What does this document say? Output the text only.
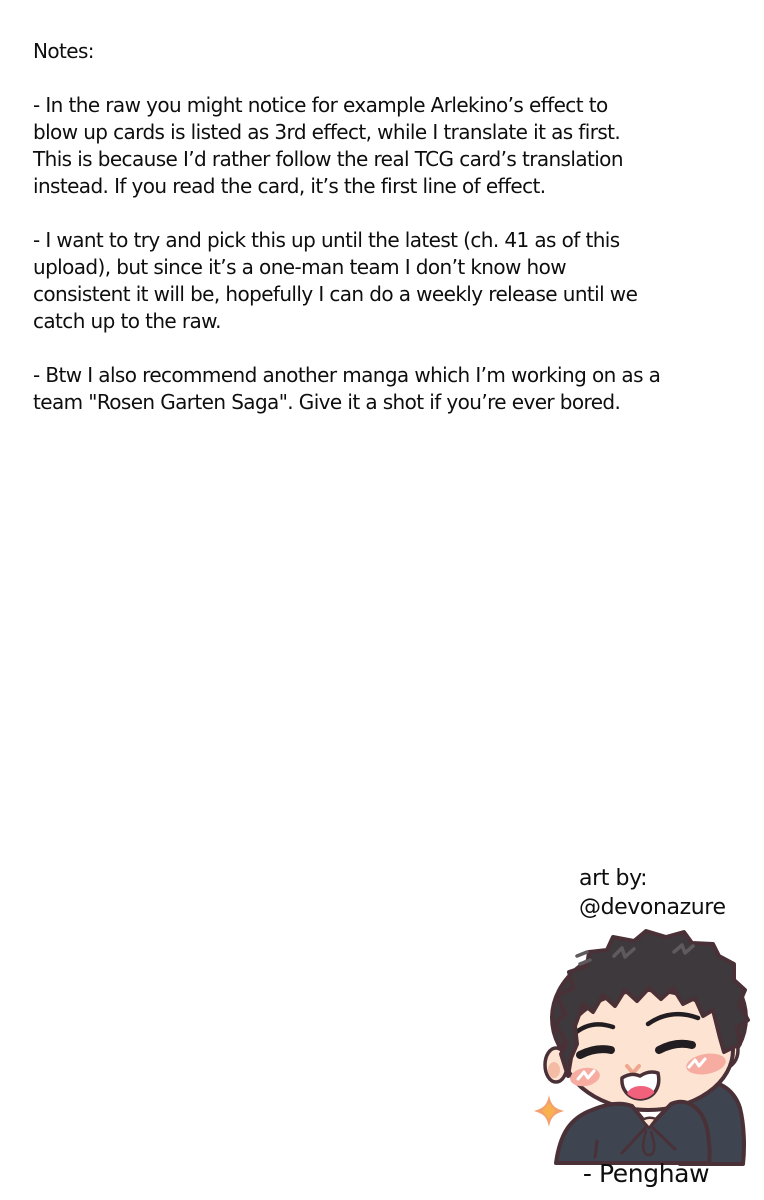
Notes:
- In the raw you might notice for example Arlekino’s effect to
blow up cards is listed as 3rd effect, while I translate it as first.
This is because I’d rather follow the real TCG card’s translation
instead. If you read the card, it’s the first line of effect.
- I want to try and pick this up until the latest (ch. 41 as of this
upload), but since it’s a one-man team I don’t know how
consistent it will be, hopefully I can do a weekly release until we
catch up to the raw.
- Btw I also recommend another manga which I’m working on as a
team "Rosen Garten Saga". Give it a shot if you’re ever bored.
art by:
@devonazure
- Penghaw
